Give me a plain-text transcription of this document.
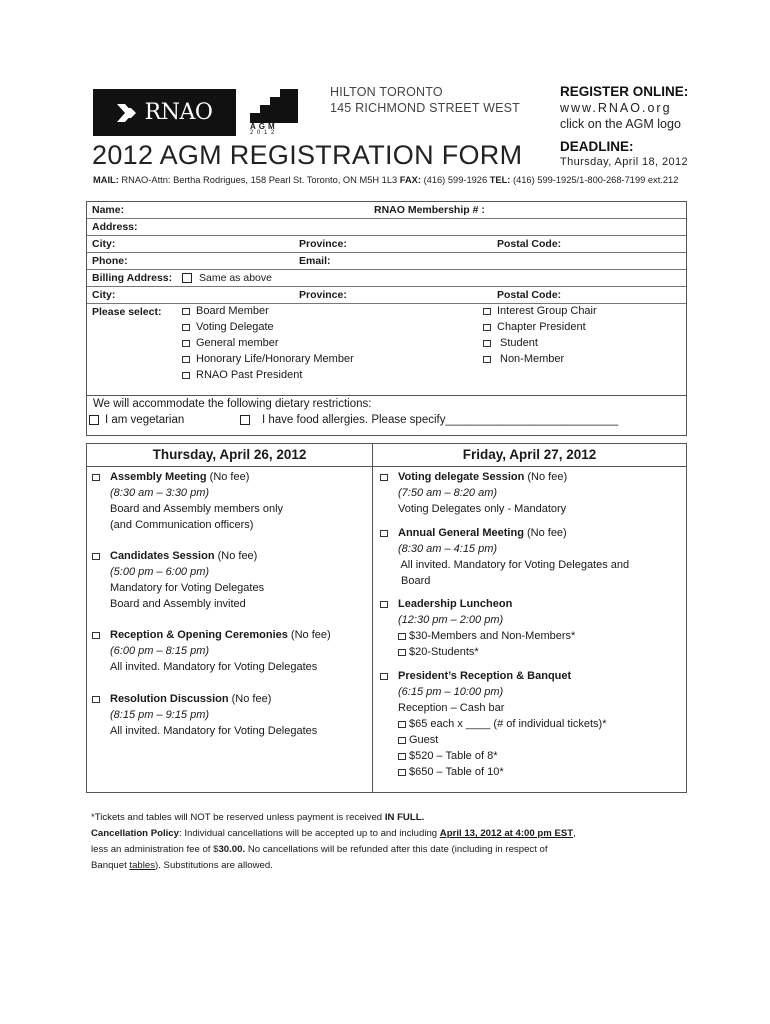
RNAO
AGM
2 0 1 2
HILTON TORONTO
145 RICHMOND STREET WEST
REGISTER ONLINE:
www.RNAO.org
click on the AGM logo
DEADLINE:
Thursday, April 18, 2012
2012 AGM REGISTRATION FORM
MAIL: RNAO-Attn: Bertha Rodrigues, 158 Pearl St. Toronto, ON M5H 1L3 FAX: (416) 599-1926 TEL: (416) 599-1925/1-800-268-7199 ext.212
Name:	RNAO Membership # :
Address:
City:	Province:	Postal Code:
Phone:	Email:
Billing Address:	Same as above
City:	Province:	Postal Code:
Please select:	Board Member
Voting Delegate
General member
Honorary Life/Honorary Member
RNAO Past President
Interest Group Chair
Chapter President
Student
Non-Member
We will accommodate the following dietary restrictions:
I am vegetarian	I have food allergies. Please specify___________________________
Thursday, April 26, 2012	Friday, April 27, 2012
Assembly Meeting (No fee)
(8:30 am – 3:30 pm)
Board and Assembly members only
(and Communication officers)
Candidates Session (No fee)
(5:00 pm – 6:00 pm)
Mandatory for Voting Delegates
Board and Assembly invited
Reception & Opening Ceremonies (No fee)
(6:00 pm – 8:15 pm)
All invited. Mandatory for Voting Delegates
Resolution Discussion (No fee)
(8:15 pm – 9:15 pm)
All invited. Mandatory for Voting Delegates
Voting delegate Session (No fee)
(7:50 am – 8:20 am)
Voting Delegates only - Mandatory
Annual General Meeting (No fee)
(8:30 am – 4:15 pm)
All invited. Mandatory for Voting Delegates and
Board
Leadership Luncheon
(12:30 pm – 2:00 pm)
$30-Members and Non-Members*
$20-Students*
President’s Reception & Banquet
(6:15 pm – 10:00 pm)
Reception – Cash bar
$65 each x ____ (# of individual tickets)*
Guest
$520 – Table of 8*
$650 – Table of 10*
*Tickets and tables will NOT be reserved unless payment is received IN FULL.
Cancellation Policy: Individual cancellations will be accepted up to and including April 13, 2012 at 4:00 pm EST,
less an administration fee of $30.00. No cancellations will be refunded after this date (including in respect of
Banquet tables). Substitutions are allowed.
